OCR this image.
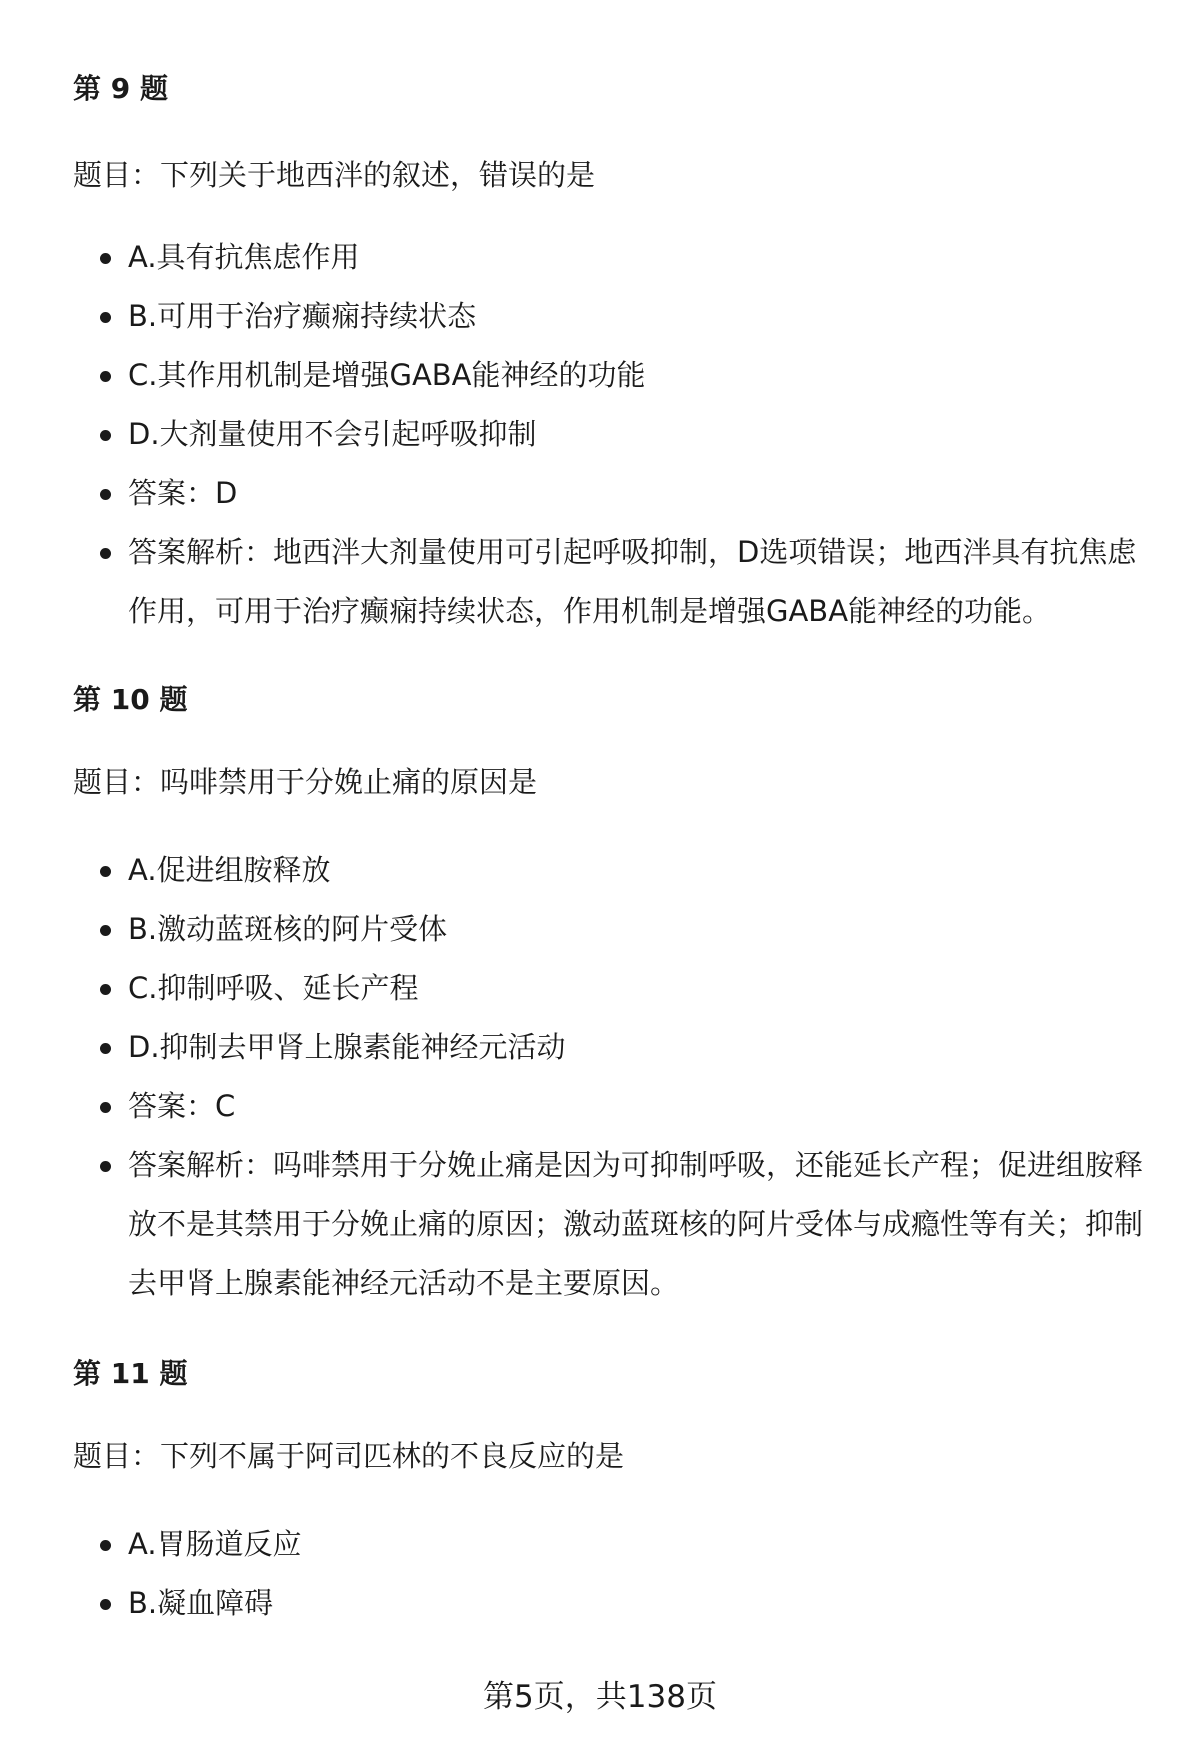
第 9 题

题目：下列关于地西泮的叙述，错误的是

A.具有抗焦虑作用
B.可用于治疗癫痫持续状态
C.其作用机制是增强GABA能神经的功能
D.大剂量使用不会引起呼吸抑制
答案：D
答案解析：地西泮大剂量使用可引起呼吸抑制，D选项错误；地西泮具有抗焦虑作用，可用于治疗癫痫持续状态，作用机制是增强GABA能神经的功能。
第 10 题

题目：吗啡禁用于分娩止痛的原因是

A.促进组胺释放
B.激动蓝斑核的阿片受体
C.抑制呼吸、延长产程
D.抑制去甲肾上腺素能神经元活动
答案：C
答案解析：吗啡禁用于分娩止痛是因为可抑制呼吸，还能延长产程；促进组胺释放不是其禁用于分娩止痛的原因；激动蓝斑核的阿片受体与成瘾性等有关；抑制去甲肾上腺素能神经元活动不是主要原因。
第 11 题

题目：下列不属于阿司匹林的不良反应的是

A.胃肠道反应
B.凝血障碍
第5页，共138页
